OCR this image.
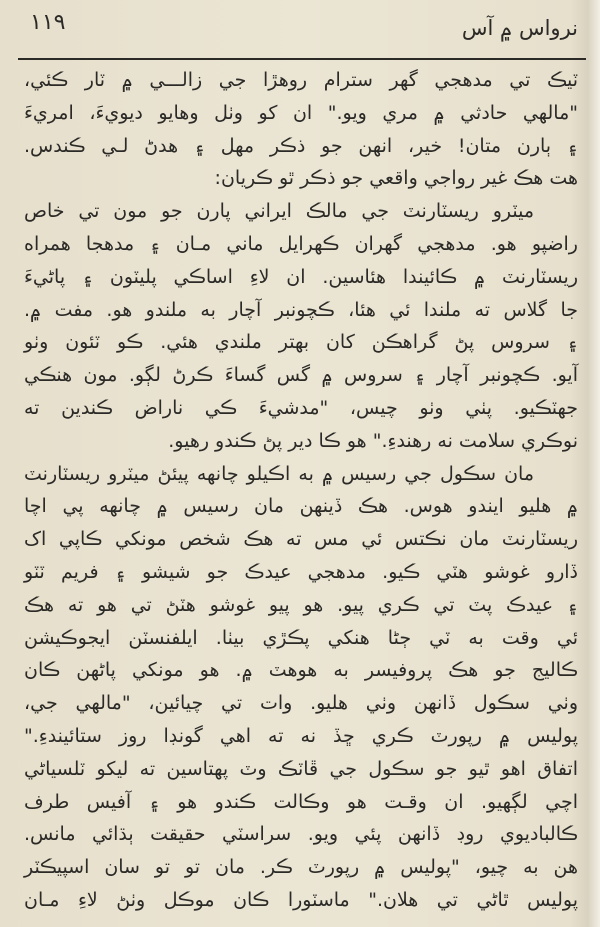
١١٩	نرواس ۾ آس
ٽيڪ تي مدهجي گهر سترام روهڙا جي زالـــي ۾ ٽار ڪئي،
"مالهي حادثي ۾ مري ويو." ان کو وٺل وهايو ديويءَ، امريءَ
۽ ٻارن متان! خير، انهن جو ذڪر مهل ۽ هدڻ لـي ڪندس.
هت هڪ غير رواجي واقعي جو ذڪر ٿو ڪريان:
ميٽرو ريسٽارنٽ جي مالڪ ايراني پارن جو مون تي خاص
راضپو هو. مدهجي گهران ڪهرايل ماني مـان ۽ مدهجا همراه
ريسٽارنٽ ۾ ڪائيندا هئاسين. ان لاءِ اساڪي پليٽون ۽ پاڻيءَ
جا گلاس ته ملندا ئي هئا، ڪچونبر آچار به ملندو هو. مفت ۾.
۽ سروس پڻ گراهڪن کان بهتر ملندي هئي. ڪو ٽئون وٺو
آيو. ڪچونبر آچار ۽ سروس ۾ گس گساءَ ڪرڻ لڳو. مون هنڪي
جهٽڪيو. پٺي وٺو چيس، "مدشيءَ ڪي ناراض ڪندين ته
نوڪري سلامت نه رهندءِ." هو ڪا دير پڻ ڪندو رهيو.
مان سڪول جي رسيس ۾ به اڪيلو چانهه پيئڻ ميٽرو ريسٽارنٽ
۾ هليو ايندو هوس. هڪ ڏينهن مان رسيس ۾ چانهه پي اچا
ريسٽارنٽ مان نڪتس ئي مس ته هڪ شخص مونکي ڪاپي اک
ڏارو غوشو هٽي ڪيو. مدهجي عيدڪ جو شيشو ۽ فريم ٽٽو
۽ عيدڪ پٽ تي ڪري پيو. هو پيو غوشو هٽڻ تي هو ته هڪ
ئي وقت به ٽي ڄڻا هنکي پڪڙي بيٺا. ايلفنسٽن ايجوڪيشن
ڪاليج جو هڪ پروفيسر به هوهٽ ۾. هو مونکي پاڻهن ڪان
وٺي سڪول ڏانهن وٺي هليو. وات تي چيائين، "مالهي جي،
پوليس ۾ رپورٽ ڪري ڇڏ نه ته اهي گونڊا روز ستائيندءِ."
اتفاق اهو ٿيو جو سڪول جي ڦاٽڪ وٽ پهتاسين ته ليکو ٽلسياڻي
اچي لڳهيو. ان وقـت هو وڪالت ڪندو هو ۽ آفيس طرف
ڪالباديوي روڊ ڏانهن پئي ويو. سراسٽي حقيقت ٻڌائي مانس.
هن به چيو، "پوليس ۾ رپورٽ ڪر. مان تو تو سان اسپيڪٽر
پوليس ٿاڻي تي هلان." ماسٽورا ڪان موڪل وٺڻ لاءِ مـان
